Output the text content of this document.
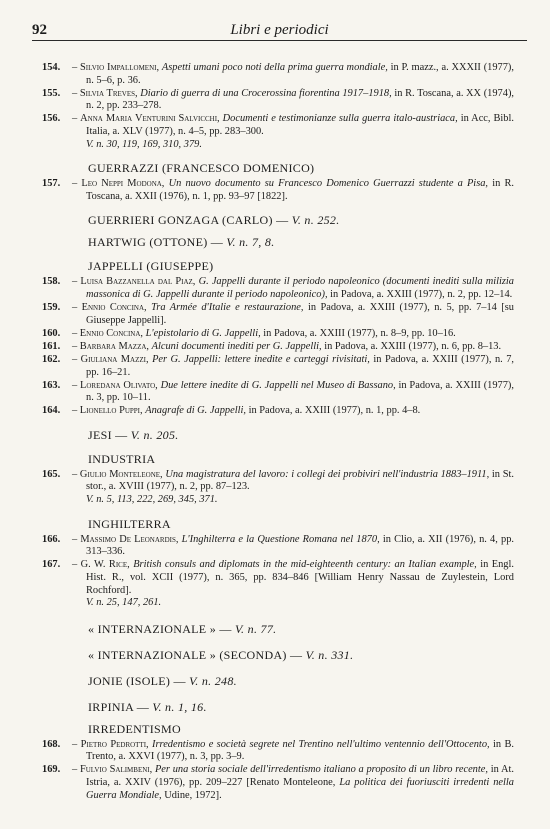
92	Libri e periodici
154. – Silvio Impallomeni, Aspetti umani poco noti della prima guerra mondiale, in P. mazz., a. XXXII (1977), n. 5–6, p. 36.
155. – Silvia Treves, Diario di guerra di una Crocerossina fiorentina 1917–1918, in R. Toscana, a. XX (1974), n. 2, pp. 233–278.
156. – Anna Maria Venturini Salvicchi, Documenti e testimonianze sulla guerra italo-austriaca, in Acc, Bibl. Italia, a. XLV (1977), n. 4–5, pp. 283–300.
V. n. 30, 119, 169, 310, 379.
GUERRAZZI (FRANCESCO DOMENICO)
157. – Leo Neppi Modona, Un nuovo documento su Francesco Domenico Guerrazzi studente a Pisa, in R. Toscana, a. XXII (1976), n. 1, pp. 93–97 [1822].
GUERRIERI GONZAGA (CARLO) — V. n. 252.
HARTWIG (OTTONE) — V. n. 7, 8.
JAPPELLI (GIUSEPPE)
158. – Luisa Bazzanella dal Piaz, G. Jappelli durante il periodo napoleonico (documenti inediti sulla milizia massonica di G. Jappelli durante il periodo napoleonico), in Padova, a. XXIII (1977), n. 2, pp. 12–14.
159. – Ennio Concina, Tra Armée d'Italie e restaurazione, in Padova, a. XXIII (1977), n. 5, pp. 7–14 [su Giuseppe Jappelli].
160. – Ennio Concina, L'epistolario di G. Jappelli, in Padova, a. XXIII (1977), n. 8–9, pp. 10–16.
161. – Barbara Mazza, Alcuni documenti inediti per G. Jappelli, in Padova, a. XXIII (1977), n. 6, pp. 8–13.
162. – Giuliana Mazzi, Per G. Jappelli: lettere inedite e carteggi rivisitati, in Padova, a. XXIII (1977), n. 7, pp. 16–21.
163. – Loredana Olivato, Due lettere inedite di G. Jappelli nel Museo di Bassano, in Padova, a. XXIII (1977), n. 3, pp. 10–11.
164. – Lionello Puppi, Anagrafe di G. Jappelli, in Padova, a. XXIII (1977), n. 1, pp. 4–8.
JESI — V. n. 205.
INDUSTRIA
165. – Giulio Monteleone, Una magistratura del lavoro: i collegi dei probiviri nell'industria 1883–1911, in St. stor., a. XVIII (1977), n. 2, pp. 87–123.
V. n. 5, 113, 222, 269, 345, 371.
INGHILTERRA
166. – Massimo De Leonardis, L'Inghilterra e la Questione Romana nel 1870, in Clio, a. XII (1976), n. 4, pp. 313–336.
167. – G. W. Rice, British consuls and diplomats in the mid-eighteenth century: an Italian example, in Engl. Hist. R., vol. XCII (1977), n. 365, pp. 834–846 [William Henry Nassau de Zuylestein, Lord Rochford].
V. n. 25, 147, 261.
« INTERNAZIONALE » — V. n. 77.
« INTERNAZIONALE » (SECONDA) — V. n. 331.
JONIE (ISOLE) — V. n. 248.
IRPINIA — V. n. 1, 16.
IRREDENTISMO
168. – Pietro Pedrotti, Irredentismo e società segrete nel Trentino nell'ultimo ventennio dell'Ottocento, in B. Trento, a. XXVI (1977), n. 3, pp. 3–9.
169. – Fulvio Salimbeni, Per una storia sociale dell'irredentismo italiano a proposito di un libro recente, in At. Istria, a. XXIV (1976), pp. 209–227 [Renato Monteleone, La politica dei fuoriusciti irredenti nella Guerra Mondiale, Udine, 1972].
